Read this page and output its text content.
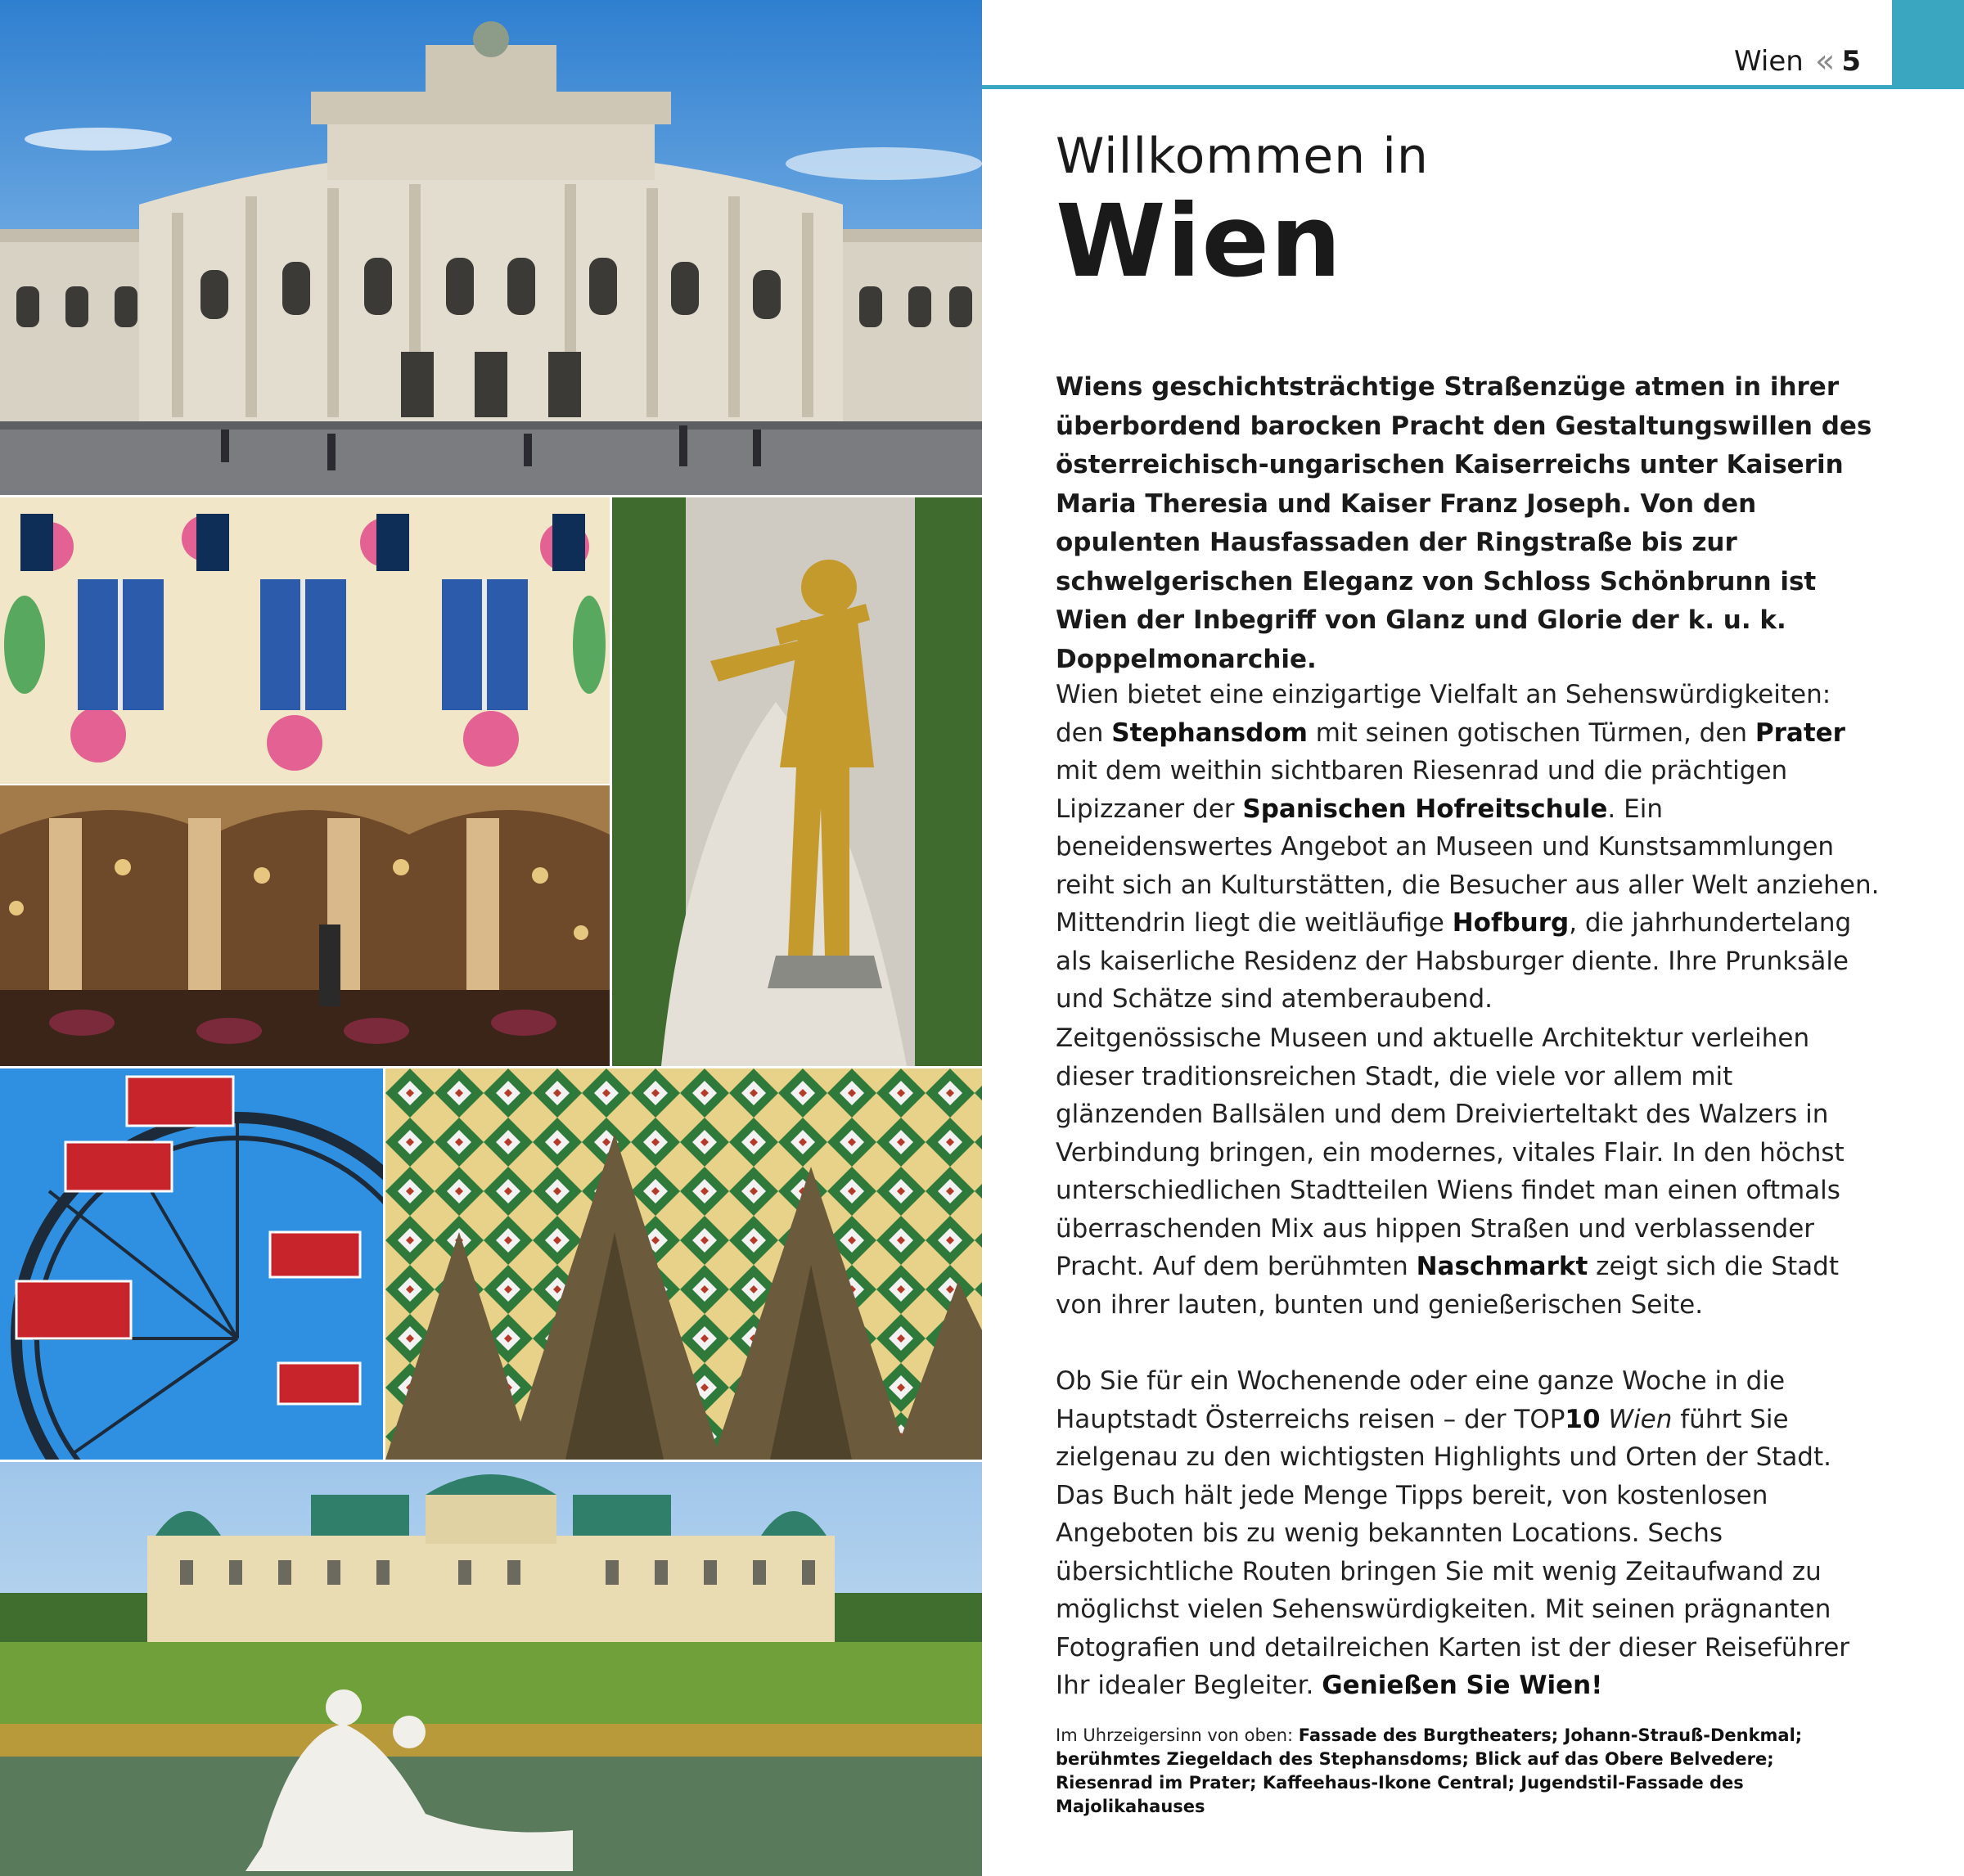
Wien « 5
Willkommen in
Wien

Wiens geschichtsträchtige Straßenzüge atmen in ihrer überbordend barocken Pracht den Gestaltungswillen des österreichisch-ungarischen Kaiserreichs unter Kaiserin Maria Theresia und Kaiser Franz Joseph. Von den opulenten Hausfassaden der Ringstraße bis zur schwelgerischen Eleganz von Schloss Schönbrunn ist Wien der Inbegriff von Glanz und Glorie der k. u. k. Doppelmonarchie.

Wien bietet eine einzigartige Vielfalt an Sehenswürdigkeiten: den Stephansdom mit seinen gotischen Türmen, den Prater mit dem weithin sichtbaren Riesenrad und die prächtigen Lipizzaner der Spanischen Hofreitschule. Ein beneidenswertes Angebot an Museen und Kunstsammlungen reiht sich an Kulturstätten, die Besucher aus aller Welt anziehen. Mittendrin liegt die weitläufige Hofburg, die jahrhundertelang als kaiserliche Residenz der Habsburger diente. Ihre Prunksäle und Schätze sind atemberaubend.

Zeitgenössische Museen und aktuelle Architektur verleihen dieser traditionsreichen Stadt, die viele vor allem mit glänzenden Ballsälen und dem Dreivierteltakt des Walzers in Verbindung bringen, ein modernes, vitales Flair. In den höchst unterschiedlichen Stadtteilen Wiens findet man einen oftmals überraschenden Mix aus hippen Straßen und verblassender Pracht. Auf dem berühmten Naschmarkt zeigt sich die Stadt von ihrer lauten, bunten und genießerischen Seite.

Ob Sie für ein Wochenende oder eine ganze Woche in die Hauptstadt Österreichs reisen – der TOP10 Wien führt Sie zielgenau zu den wichtigsten Highlights und Orten der Stadt. Das Buch hält jede Menge Tipps bereit, von kostenlosen Angeboten bis zu wenig bekannten Locations. Sechs übersichtliche Routen bringen Sie mit wenig Zeitaufwand zu möglichst vielen Sehenswürdigkeiten. Mit seinen prägnanten Fotografien und detailreichen Karten ist der dieser Reiseführer Ihr idealer Begleiter. Genießen Sie Wien!

Im Uhrzeigersinn von oben: Fassade des Burgtheaters; Johann-Strauß-Denkmal; berühmtes Ziegeldach des Stephansdoms; Blick auf das Obere Belvedere; Riesenrad im Prater; Kaffeehaus-Ikone Central; Jugendstil-Fassade des Majolikahauses
